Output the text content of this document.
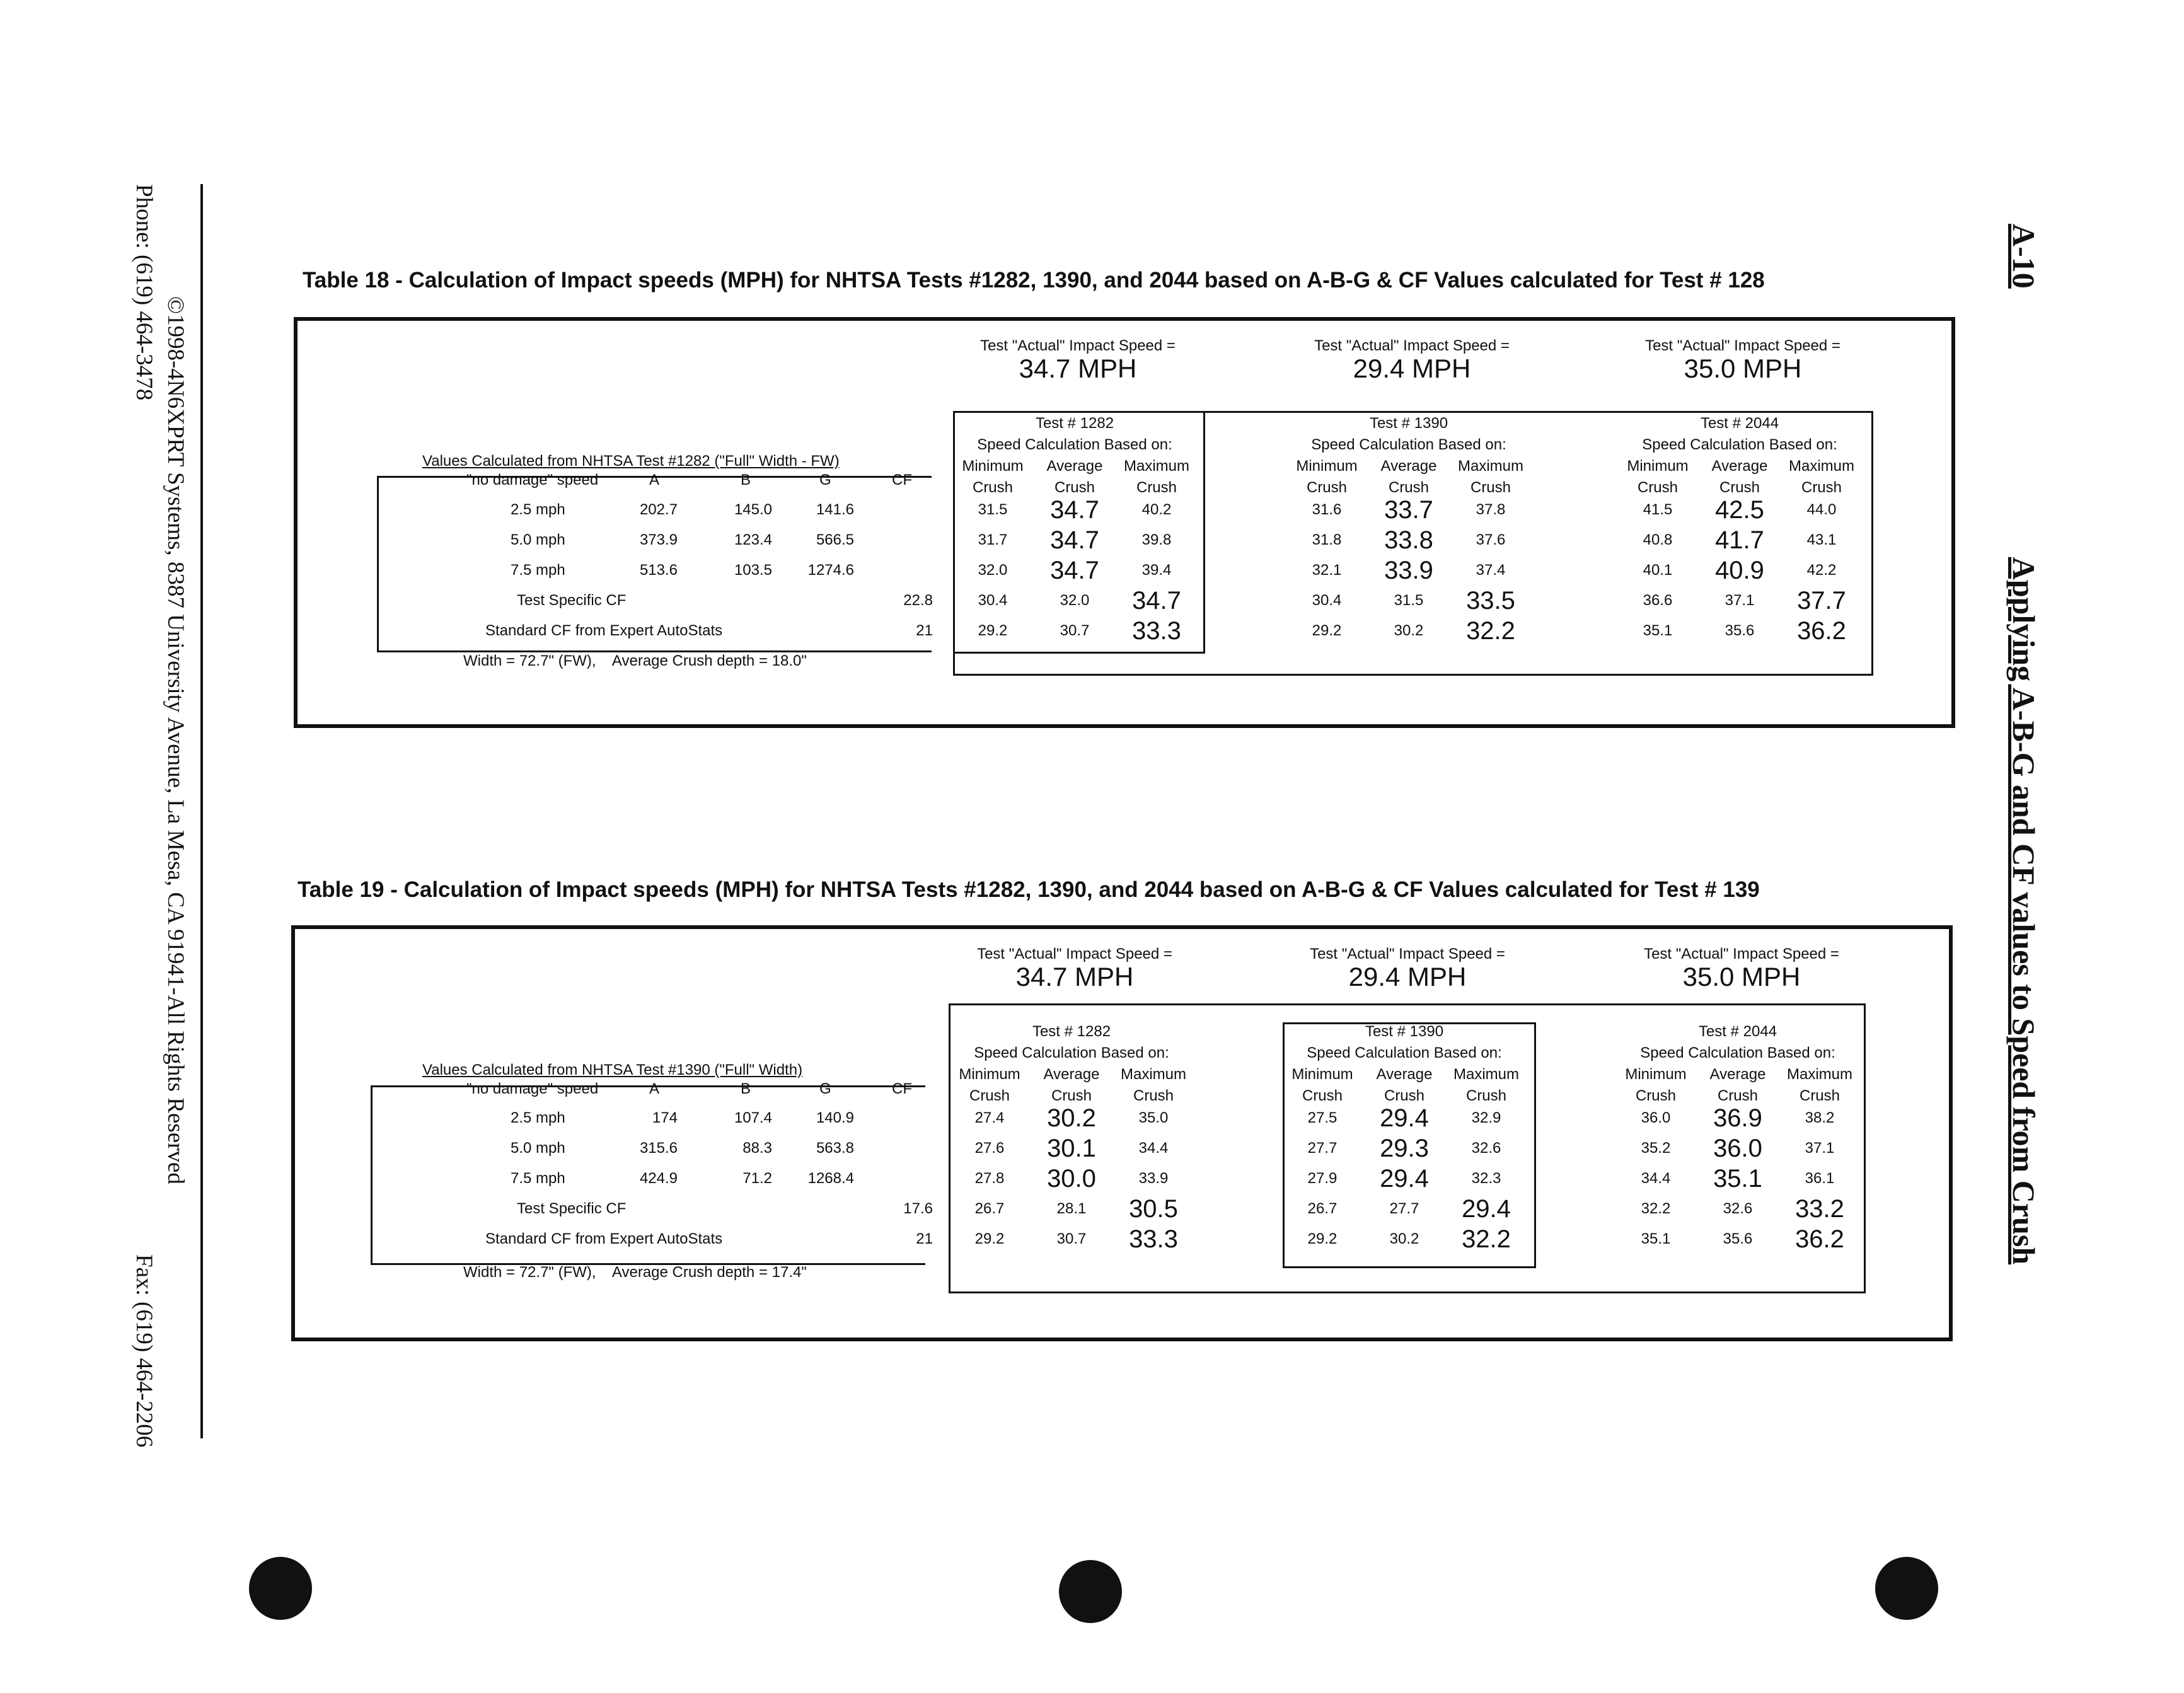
©1998-4N6XPRT Systems, 8387 University Avenue, La Mesa, CA 91941-All Rights Reserved
Phone: (619) 464-3478
Fax: (619) 464-2206
A-10Applying A-B-G and CF values to Speed from Crush
Table 18 - Calculation of Impact speeds (MPH) for NHTSA Tests #1282, 1390, and 2044 based on A-B-G & CF Values calculated for Test # 128
Values Calculated from NHTSA Test #1282 ("Full" Width - FW)
"no damage" speed	A	B	G	CF
2.5 mph	202.7	145.0	141.6
5.0 mph	373.9	123.4	566.5
7.5 mph	513.6	103.5	1274.6
Test Specific CF	22.8
Standard CF from Expert AutoStats	21
Width = 72.7" (FW),    Average Crush depth = 18.0"
Test "Actual" Impact Speed =
34.7 MPH
Test # 1282
Speed Calculation Based on:
Minimum	Average	Maximum
Crush	Crush	Crush
31.5	34.7	40.2
31.7	34.7	39.8
32.0	34.7	39.4
30.4	32.0	34.7
29.2	30.7	33.3
Test "Actual" Impact Speed =
29.4 MPH
Test # 1390
Speed Calculation Based on:
Minimum	Average	Maximum
Crush	Crush	Crush
31.6	33.7	37.8
31.8	33.8	37.6
32.1	33.9	37.4
30.4	31.5	33.5
29.2	30.2	32.2
Test "Actual" Impact Speed =
35.0 MPH
Test # 2044
Speed Calculation Based on:
Minimum	Average	Maximum
Crush	Crush	Crush
41.5	42.5	44.0
40.8	41.7	43.1
40.1	40.9	42.2
36.6	37.1	37.7
35.1	35.6	36.2
Table 19 - Calculation of Impact speeds (MPH) for NHTSA Tests #1282, 1390, and 2044 based on A-B-G & CF Values calculated for Test # 139
Values Calculated from NHTSA Test #1390 ("Full" Width)
"no damage" speed	A	B	G	CF
2.5 mph	174	107.4	140.9
5.0 mph	315.6	88.3	563.8
7.5 mph	424.9	71.2	1268.4
Test Specific CF	17.6
Standard CF from Expert AutoStats	21
Width = 72.7" (FW),    Average Crush depth = 17.4"
Test "Actual" Impact Speed =
34.7 MPH
Test # 1282
Speed Calculation Based on:
Minimum	Average	Maximum
Crush	Crush	Crush
27.4	30.2	35.0
27.6	30.1	34.4
27.8	30.0	33.9
26.7	28.1	30.5
29.2	30.7	33.3
Test "Actual" Impact Speed =
29.4 MPH
Test # 1390
Speed Calculation Based on:
Minimum	Average	Maximum
Crush	Crush	Crush
27.5	29.4	32.9
27.7	29.3	32.6
27.9	29.4	32.3
26.7	27.7	29.4
29.2	30.2	32.2
Test "Actual" Impact Speed =
35.0 MPH
Test # 2044
Speed Calculation Based on:
Minimum	Average	Maximum
Crush	Crush	Crush
36.0	36.9	38.2
35.2	36.0	37.1
34.4	35.1	36.1
32.2	32.6	33.2
35.1	35.6	36.2
